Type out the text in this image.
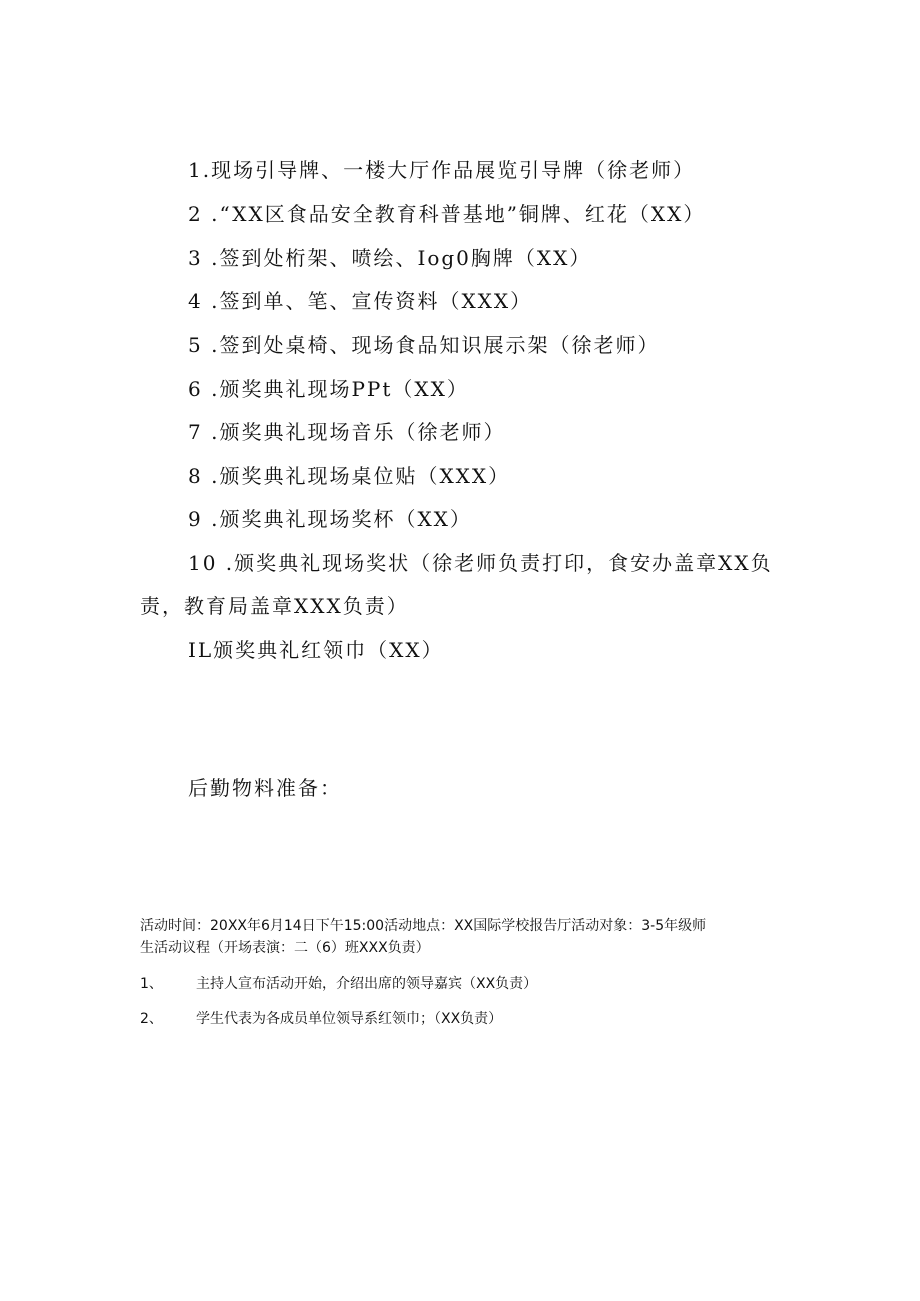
1.现场引导牌、一楼大厅作品展览引导牌（徐老师）
2 .“XX区食品安全教育科普基地”铜牌、红花（XX）
3 .签到处桁架、喷绘、Iog0胸牌（XX）
4 .签到单、笔、宣传资料（XXX）
5 .签到处桌椅、现场食品知识展示架（徐老师）
6 .颁奖典礼现场PPt（XX）
7 .颁奖典礼现场音乐（徐老师）
8 .颁奖典礼现场桌位贴（XXX）
9 .颁奖典礼现场奖杯（XX）
10 .颁奖典礼现场奖状（徐老师负责打印，食安办盖章XX负
责，教育局盖章XXX负责）
IL颁奖典礼红领巾（XX）
后勤物料准备：
活动时间：20XX年6月14日下午15:00活动地点：XX国际学校报告厅活动对象：3-5年级师
生活动议程（开场表演：二（6）班XXX负责）
1、 主持人宣布活动开始，介绍出席的领导嘉宾（XX负责）
2、 学生代表为各成员单位领导系红领巾；（XX负责）
